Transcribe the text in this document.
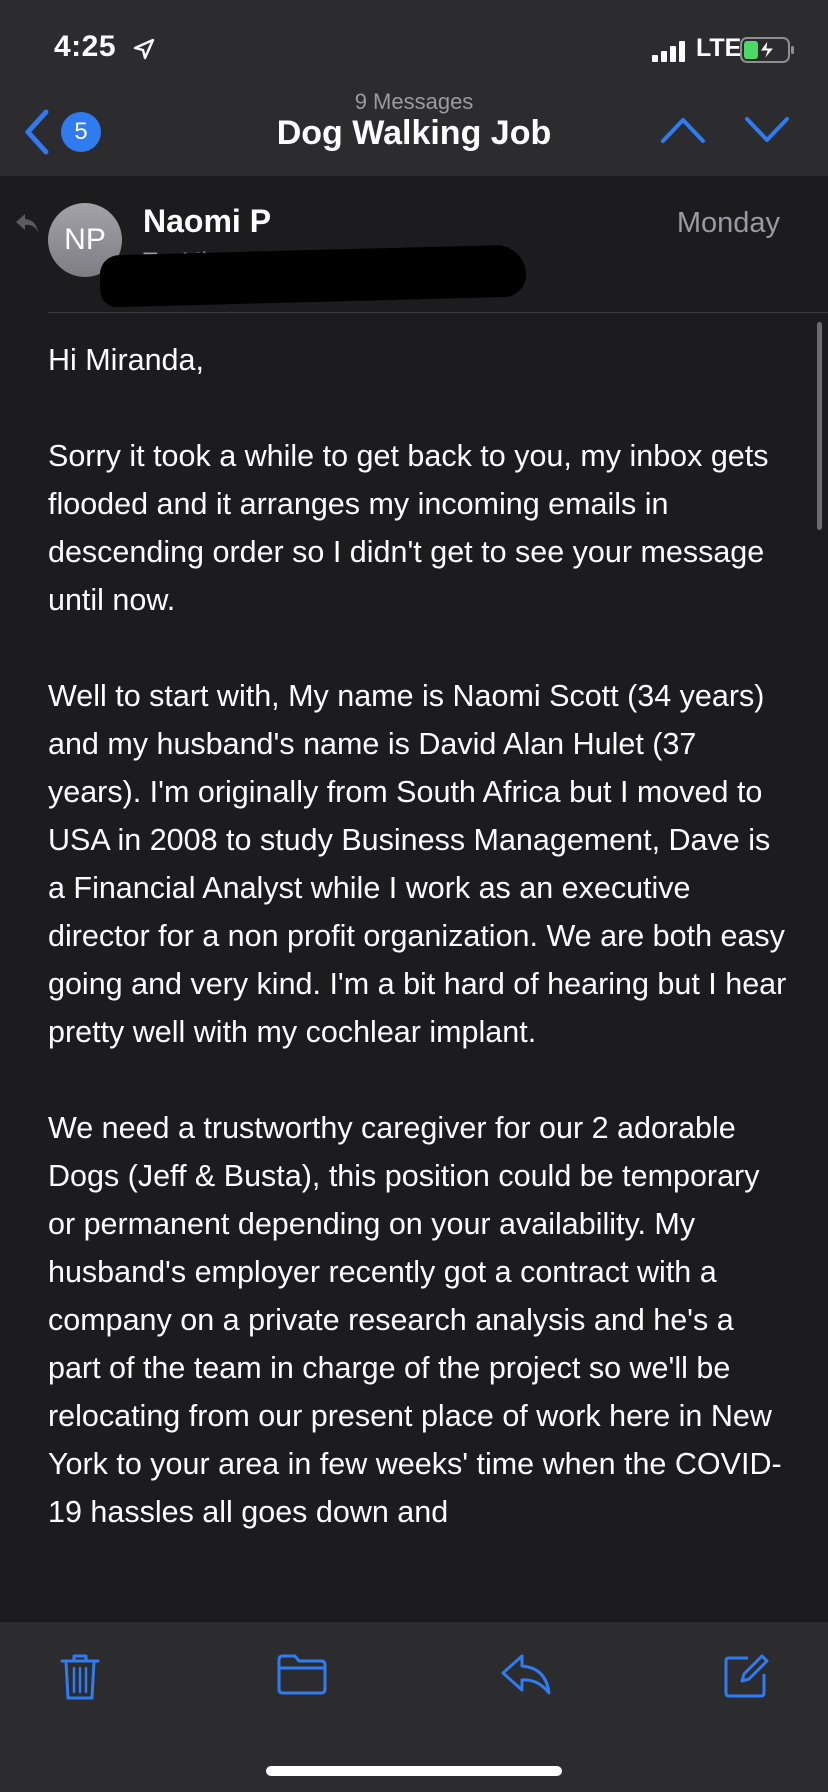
4:25	LTE
5
9 Messages
Dog Walking Job
NP
Naomi P	Monday

Hi Miranda,

Sorry it took a while to get back to you, my inbox gets flooded and it arranges my incoming emails in descending order so I didn't get to see your message until now.

Well to start with, My name is Naomi Scott (34 years) and my husband's name is David Alan Hulet (37 years). I'm originally from South Africa but I moved to USA in 2008 to study Business Management, Dave is a Financial Analyst while I work as an executive director for a non profit organization. We are both easy going and very kind. I'm a bit hard of hearing but I hear pretty well with my cochlear implant.

We need a trustworthy caregiver for our 2 adorable Dogs (Jeff & Busta), this position could be temporary or permanent depending on your availability. My husband's employer recently got a contract with a company on a private research analysis and he's a part of the team in charge of the project so we'll be relocating from our present place of work here in New York to your area in few weeks' time when the COVID-19 hassles all goes down and
